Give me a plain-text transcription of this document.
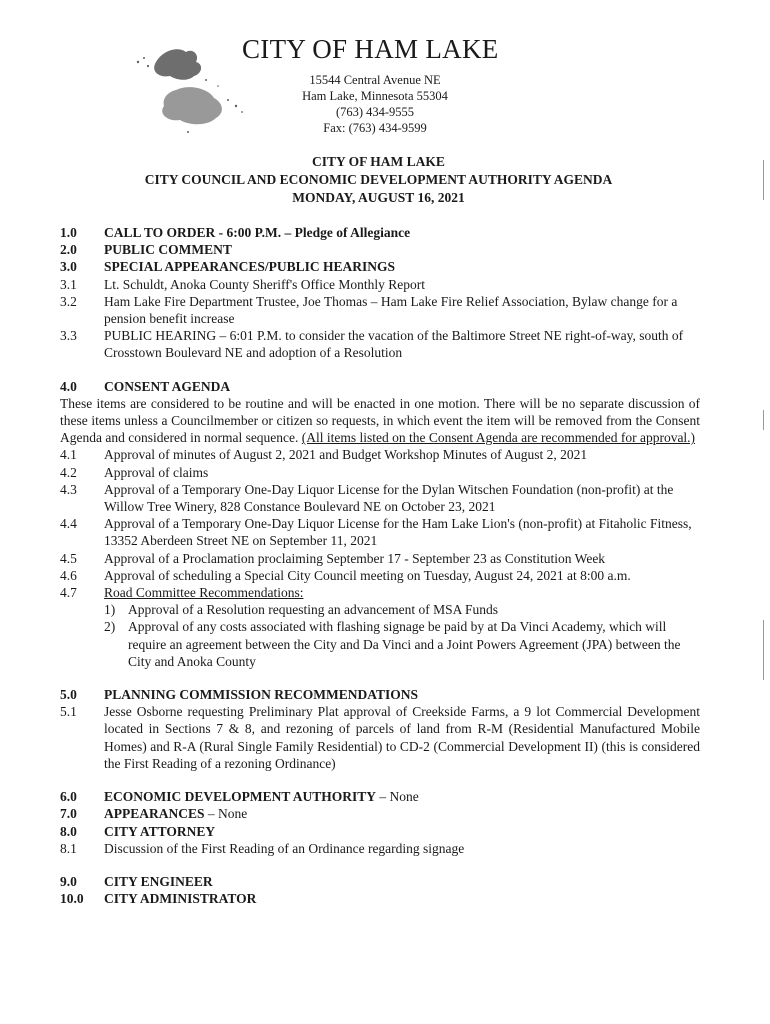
CITY OF HAM LAKE
15544 Central Avenue NE
Ham Lake, Minnesota 55304
(763) 434-9555
Fax: (763) 434-9599
CITY OF HAM LAKE
CITY COUNCIL AND ECONOMIC DEVELOPMENT AUTHORITY AGENDA
MONDAY, AUGUST 16, 2021
1.0	CALL TO ORDER - 6:00 P.M. – Pledge of Allegiance
2.0	PUBLIC COMMENT
3.0	SPECIAL APPEARANCES/PUBLIC HEARINGS
3.1	Lt. Schuldt, Anoka County Sheriff's Office Monthly Report
3.2	Ham Lake Fire Department Trustee, Joe Thomas – Ham Lake Fire Relief Association, Bylaw change for a pension benefit increase
3.3	PUBLIC HEARING – 6:01 P.M. to consider the vacation of the Baltimore Street NE right-of-way, south of Crosstown Boulevard NE and adoption of a Resolution
4.0	CONSENT AGENDA
These items are considered to be routine and will be enacted in one motion. There will be no separate discussion of these items unless a Councilmember or citizen so requests, in which event the item will be removed from the Consent Agenda and considered in normal sequence. (All items listed on the Consent Agenda are recommended for approval.)
4.1	Approval of minutes of August 2, 2021 and Budget Workshop Minutes of August 2, 2021
4.2	Approval of claims
4.3	Approval of a Temporary One-Day Liquor License for the Dylan Witschen Foundation (non-profit) at the Willow Tree Winery, 828 Constance Boulevard NE on October 23, 2021
4.4	Approval of a Temporary One-Day Liquor License for the Ham Lake Lion's (non-profit) at Fitaholic Fitness, 13352 Aberdeen Street NE on September 11, 2021
4.5	Approval of a Proclamation proclaiming September 17 - September 23 as Constitution Week
4.6	Approval of scheduling a Special City Council meeting on Tuesday, August 24, 2021 at 8:00 a.m.
4.7	Road Committee Recommendations:
1) Approval of a Resolution requesting an advancement of MSA Funds
2) Approval of any costs associated with flashing signage be paid by at Da Vinci Academy, which will require an agreement between the City and Da Vinci and a Joint Powers Agreement (JPA) between the City and Anoka County
5.0	PLANNING COMMISSION RECOMMENDATIONS
5.1	Jesse Osborne requesting Preliminary Plat approval of Creekside Farms, a 9 lot Commercial Development located in Sections 7 & 8, and rezoning of parcels of land from R-M (Residential Manufactured Mobile Homes) and R-A (Rural Single Family Residential) to CD-2 (Commercial Development II) (this is considered the First Reading of a rezoning Ordinance)
6.0	ECONOMIC DEVELOPMENT AUTHORITY – None
7.0	APPEARANCES – None
8.0	CITY ATTORNEY
8.1	Discussion of the First Reading of an Ordinance regarding signage
9.0	CITY ENGINEER
10.0	CITY ADMINISTRATOR
